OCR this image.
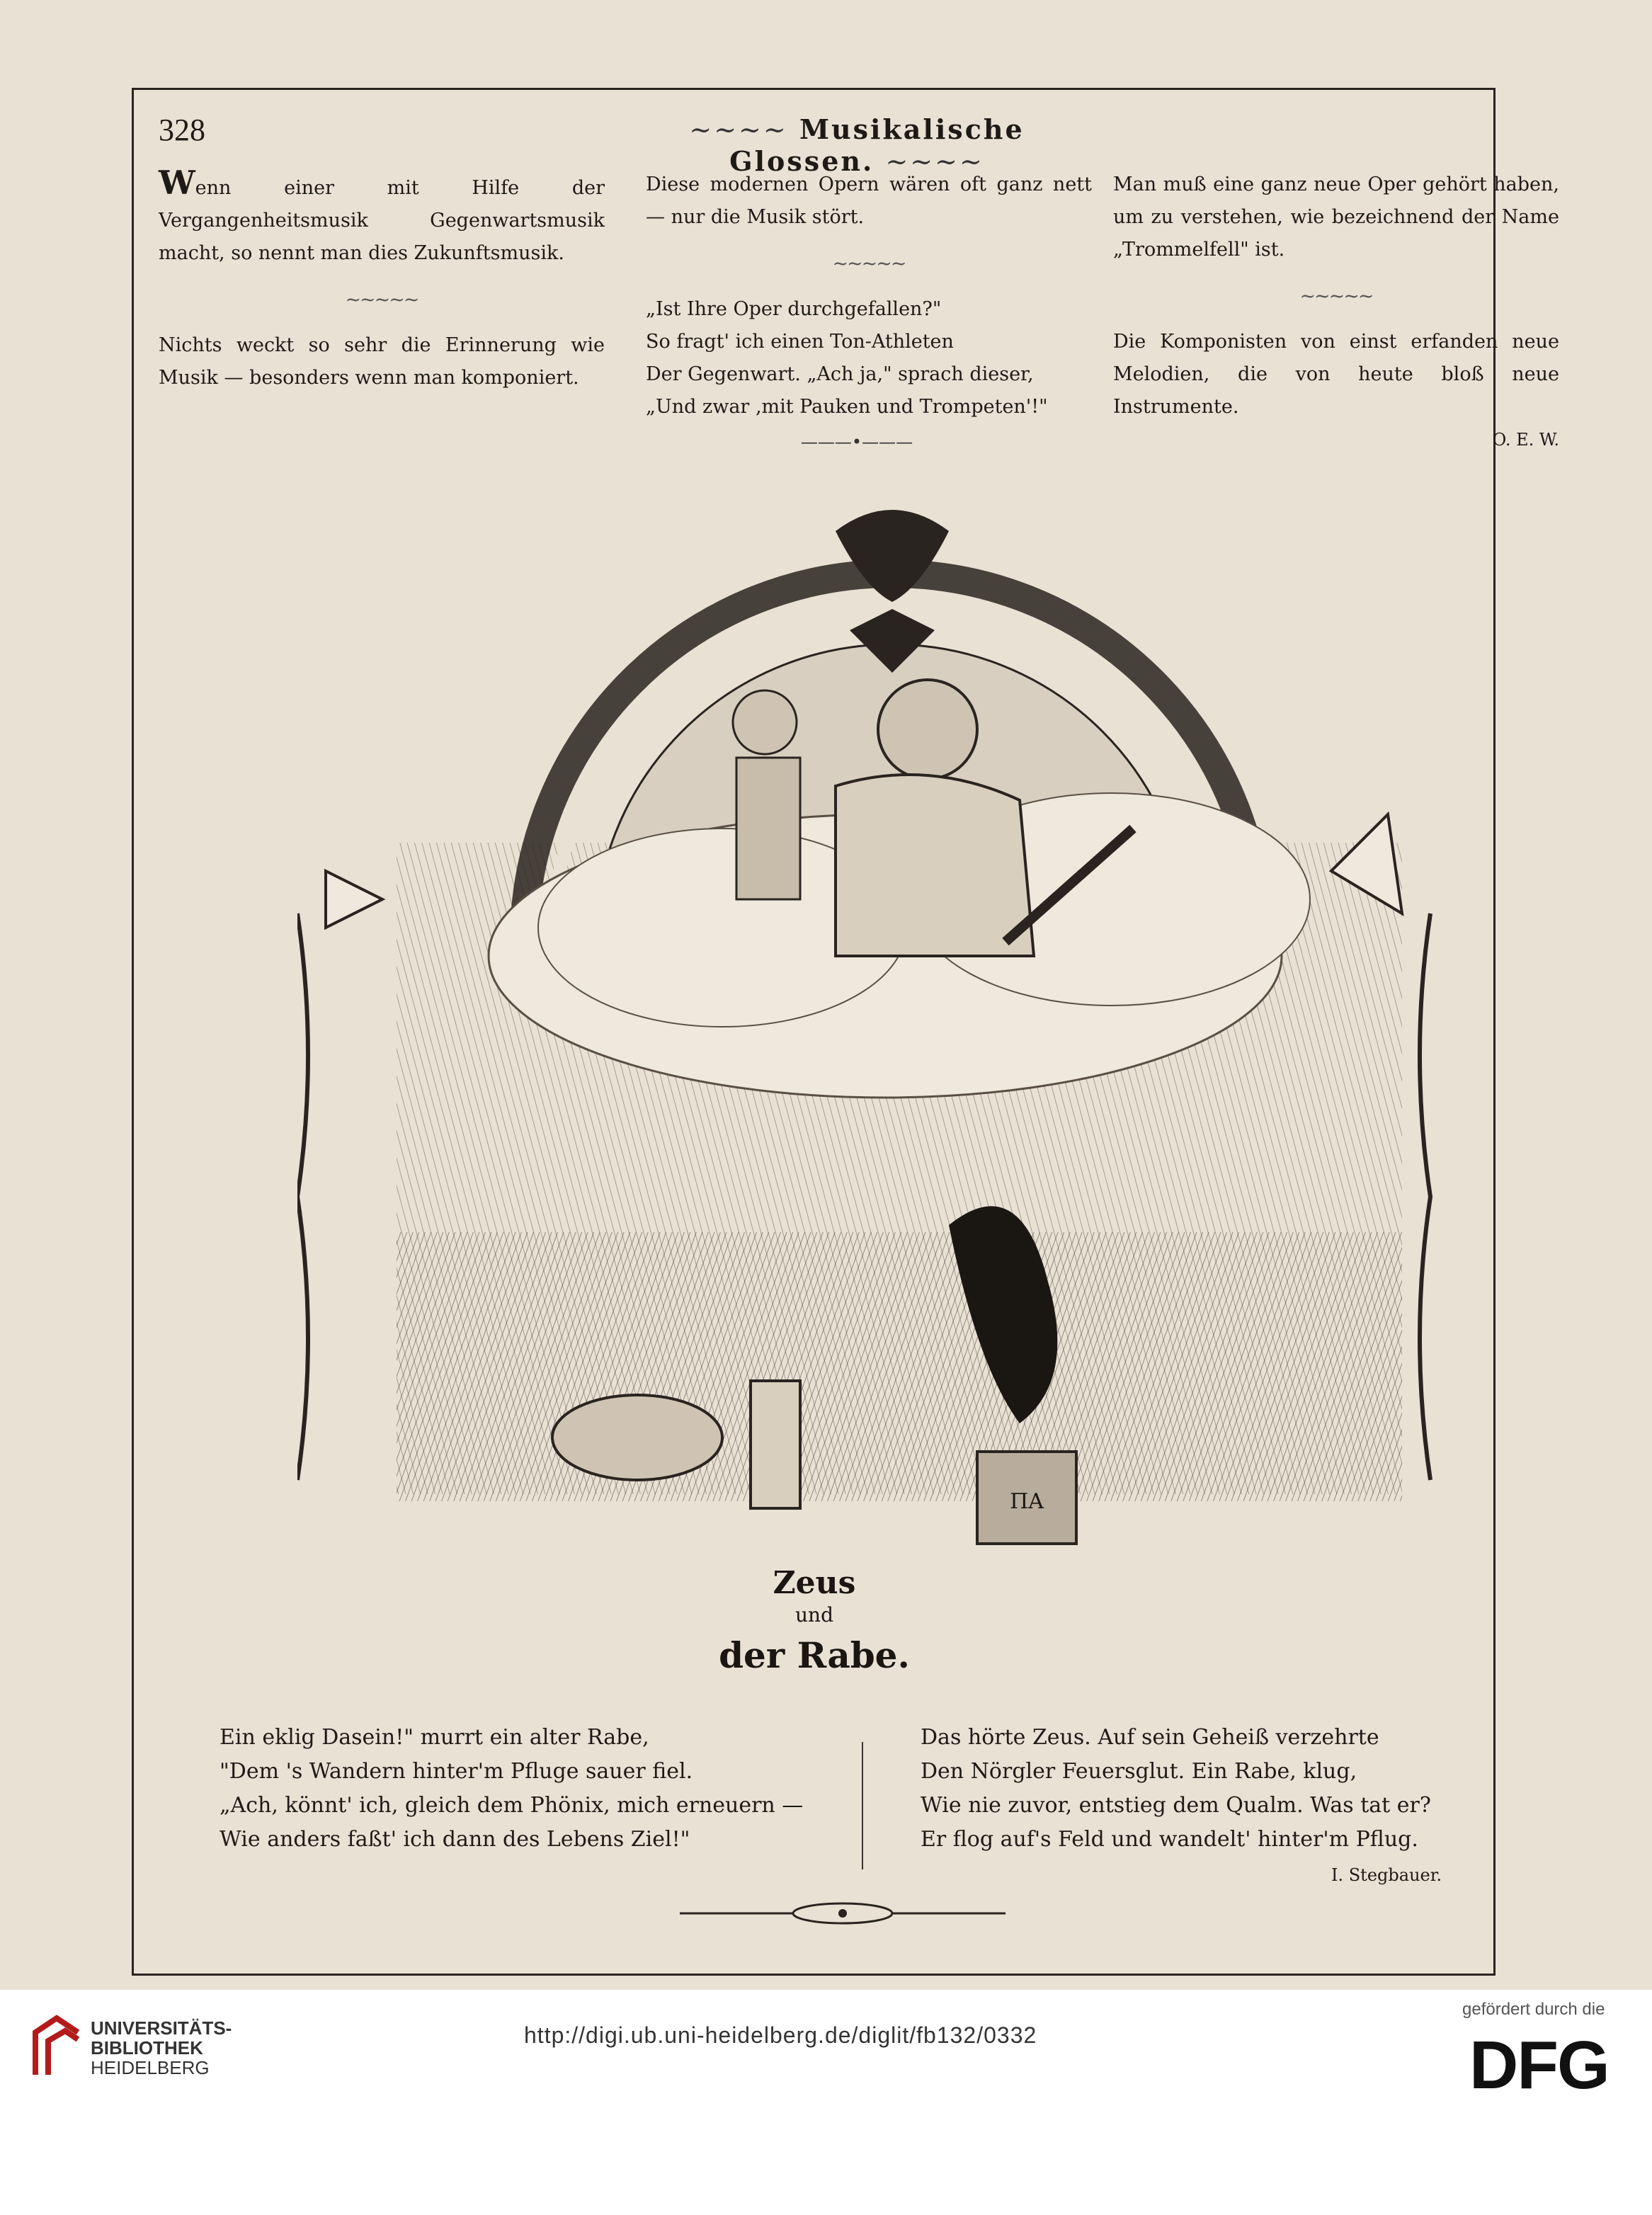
328	~~~~ Musikalische Glossen. ~~~~

Wenn einer mit Hilfe der Vergangenheitsmusik Gegenwartsmusik macht, so nennt man dies Zukunftsmusik.

~~~~~

Nichts weckt so sehr die Erinnerung wie Musik — besonders wenn man komponiert.

Diese modernen Opern wären oft ganz nett — nur die Musik stört.

~~~~~

„Ist Ihre Oper durchgefallen?"

So fragt' ich einen Ton-Athleten

Der Gegenwart. „Ach ja," sprach dieser,

„Und zwar ‚mit Pauken und Trompeten'!"

Man muß eine ganz neue Oper gehört haben, um zu verstehen, wie bezeichnend der Name „Trommelfell" ist.

~~~~~

Die Komponisten von einst erfanden neue Melodien, die von heute bloß neue Instrumente.

O. E. W.

———•———
ΠΑ
Zeus
und
der Rabe.

Ein eklig Dasein!" murrt ein alter Rabe,

"Dem 's Wandern hinter'm Pfluge sauer fiel.

„Ach, könnt' ich, gleich dem Phönix, mich erneuern —

Wie anders faßt' ich dann des Lebens Ziel!"

Das hörte Zeus. Auf sein Geheiß verzehrte

Den Nörgler Feuersglut. Ein Rabe, klug,

Wie nie zuvor, entstieg dem Qualm. Was tat er?

Er flog auf's Feld und wandelt' hinter'm Pflug.

I. Stegbauer.
UNIVERSITÄTS-
BIBLIOTHEK
HEIDELBERG
http://digi.ub.uni-heidelberg.de/diglit/fb132/0332
gefördert durch die
DFG
